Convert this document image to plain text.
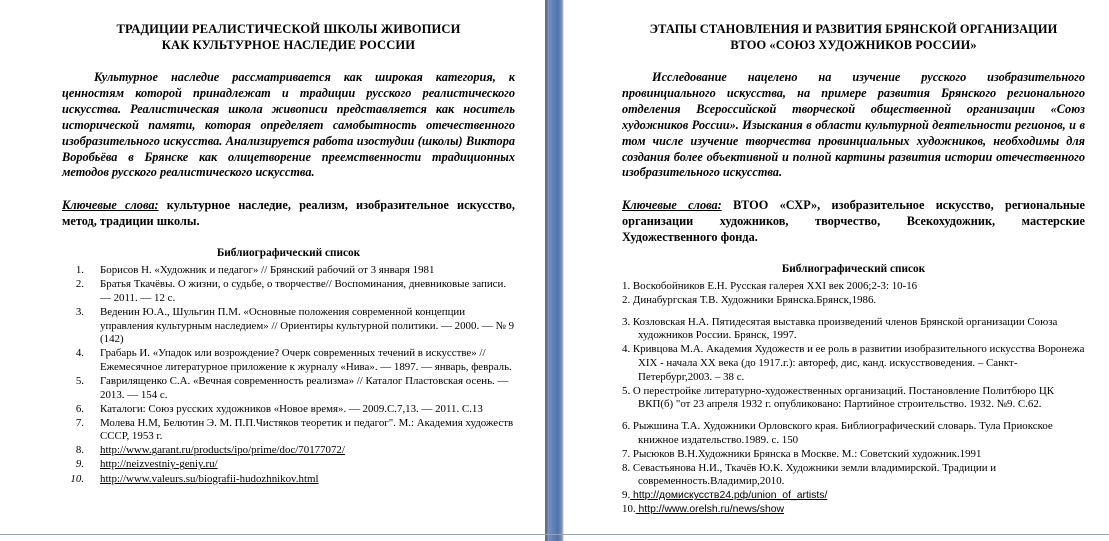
ТРАДИЦИИ РЕАЛИСТИЧЕСКОЙ ШКОЛЫ ЖИВОПИСИ
КАК КУЛЬТУРНОЕ НАСЛЕДИЕ РОССИИ

Культурное наследие рассматривается как широкая категория, к ценностям которой принадлежат и традиции русского реалистического искусства. Реалистическая школа живописи представляется как носитель исторической памяти, которая определяет самобытность отечественного изобразительного искусства. Анализируется работа изостудии (школы) Виктора Воробьёва в Брянске как олицетворение преемственности традиционных методов русского реалистического искусства.

Ключевые слова: культурное наследие, реализм, изобразительное искусство, метод, традиции школы.

Библиографический список
1. Борисов Н. «Художник и педагог» // Брянский рабочий от 3 января 1981
2. Братья Ткачёвы. О жизни, о судьбе, о творчестве// Воспоминания, дневниковые записи. — 2011. — 12 с.
3. Веденин Ю.А., Шульгин П.М. «Основные положения современной концепции управления культурным наследием» // Ориентиры культурной политики. — 2000. — № 9 (142)
4. Грабарь И. «Упадок или возрождение? Очерк современных течений в искусстве» // Ежемесячное литературное приложение к журналу «Нива». — 1897. — январь, февраль.
5. Гаврилященко С.А. «Вечная современность реализма» // Каталог Пластовская осень. — 2013. — 154 с.
6. Каталоги: Союз русских художников «Новое время». — 2009.С.7,13. — 2011. С.13
7. Молева Н.М, Белютин Э. М. П.П.Чистяков теоретик и педагог". М.: Академия художеств СССР, 1953 г.
8. http://www.garant.ru/products/ipo/prime/doc/70177072/
9. http://neizvestniy-geniy.ru/
10. http://www.valeurs.su/biografii-hudozhnikov.html
ЭТАПЫ СТАНОВЛЕНИЯ И РАЗВИТИЯ БРЯНСКОЙ ОРГАНИЗАЦИИ
ВТОО «СОЮЗ ХУДОЖНИКОВ РОССИИ»

Исследование нацелено на изучение русского изобразительного провинциального искусства, на примере развития Брянского регионального отделения Всероссийской творческой общественной организации «Союз художников России». Изыскания в области культурной деятельности регионов, и в том числе изучение творчества провинциальных художников, необходимы для создания более объективной и полной картины развития истории отечественного изобразительного искусства.

Ключевые слова: ВТОО «СХР», изобразительное искусство, региональные организации художников, творчество, Всекохудожник, мастерские Художественного фонда.

Библиографический список
1. Воскобойников Е.Н. Русская галерея XXI век 2006;2-3: 10-16
2. Динабургская Т.В. Художники Брянска.Брянск,1986.
3. Козловская Н.А. Пятидесятая выставка произведений членов Брянской организации Союза художников России. Брянск, 1997.
4. Кривцова М.А. Академия Художеств и ее роль в развитии изобразительного искусства Воронежа XIX - начала XX века (до 1917.г.): автореф, дис, канд. искусствоведения. – Санкт-Петербург,2003. – 38 с.
5. О перестройке литературно-художественных организаций. Постановление Политбюро ЦК ВКП(б) "от 23 апреля 1932 г. опубликовано: Партийное строительство. 1932. №9. С.62.
6. Рыжшина Т.А. Художники Орловского края. Библиографический словарь. Тула Приокское книжное издательство.1989. с. 150
7. Рысюков В.Н.Художники Брянска в Москве. М.: Советский художник.1991
8. Севастьянова Н.И., Ткачёв Ю.К. Художники земли владимирской. Традиции и современность.Владимир,2010.
9. http://домискусств24.рф/union_of_artists/
10. http://www.orelsh.ru/news/show
